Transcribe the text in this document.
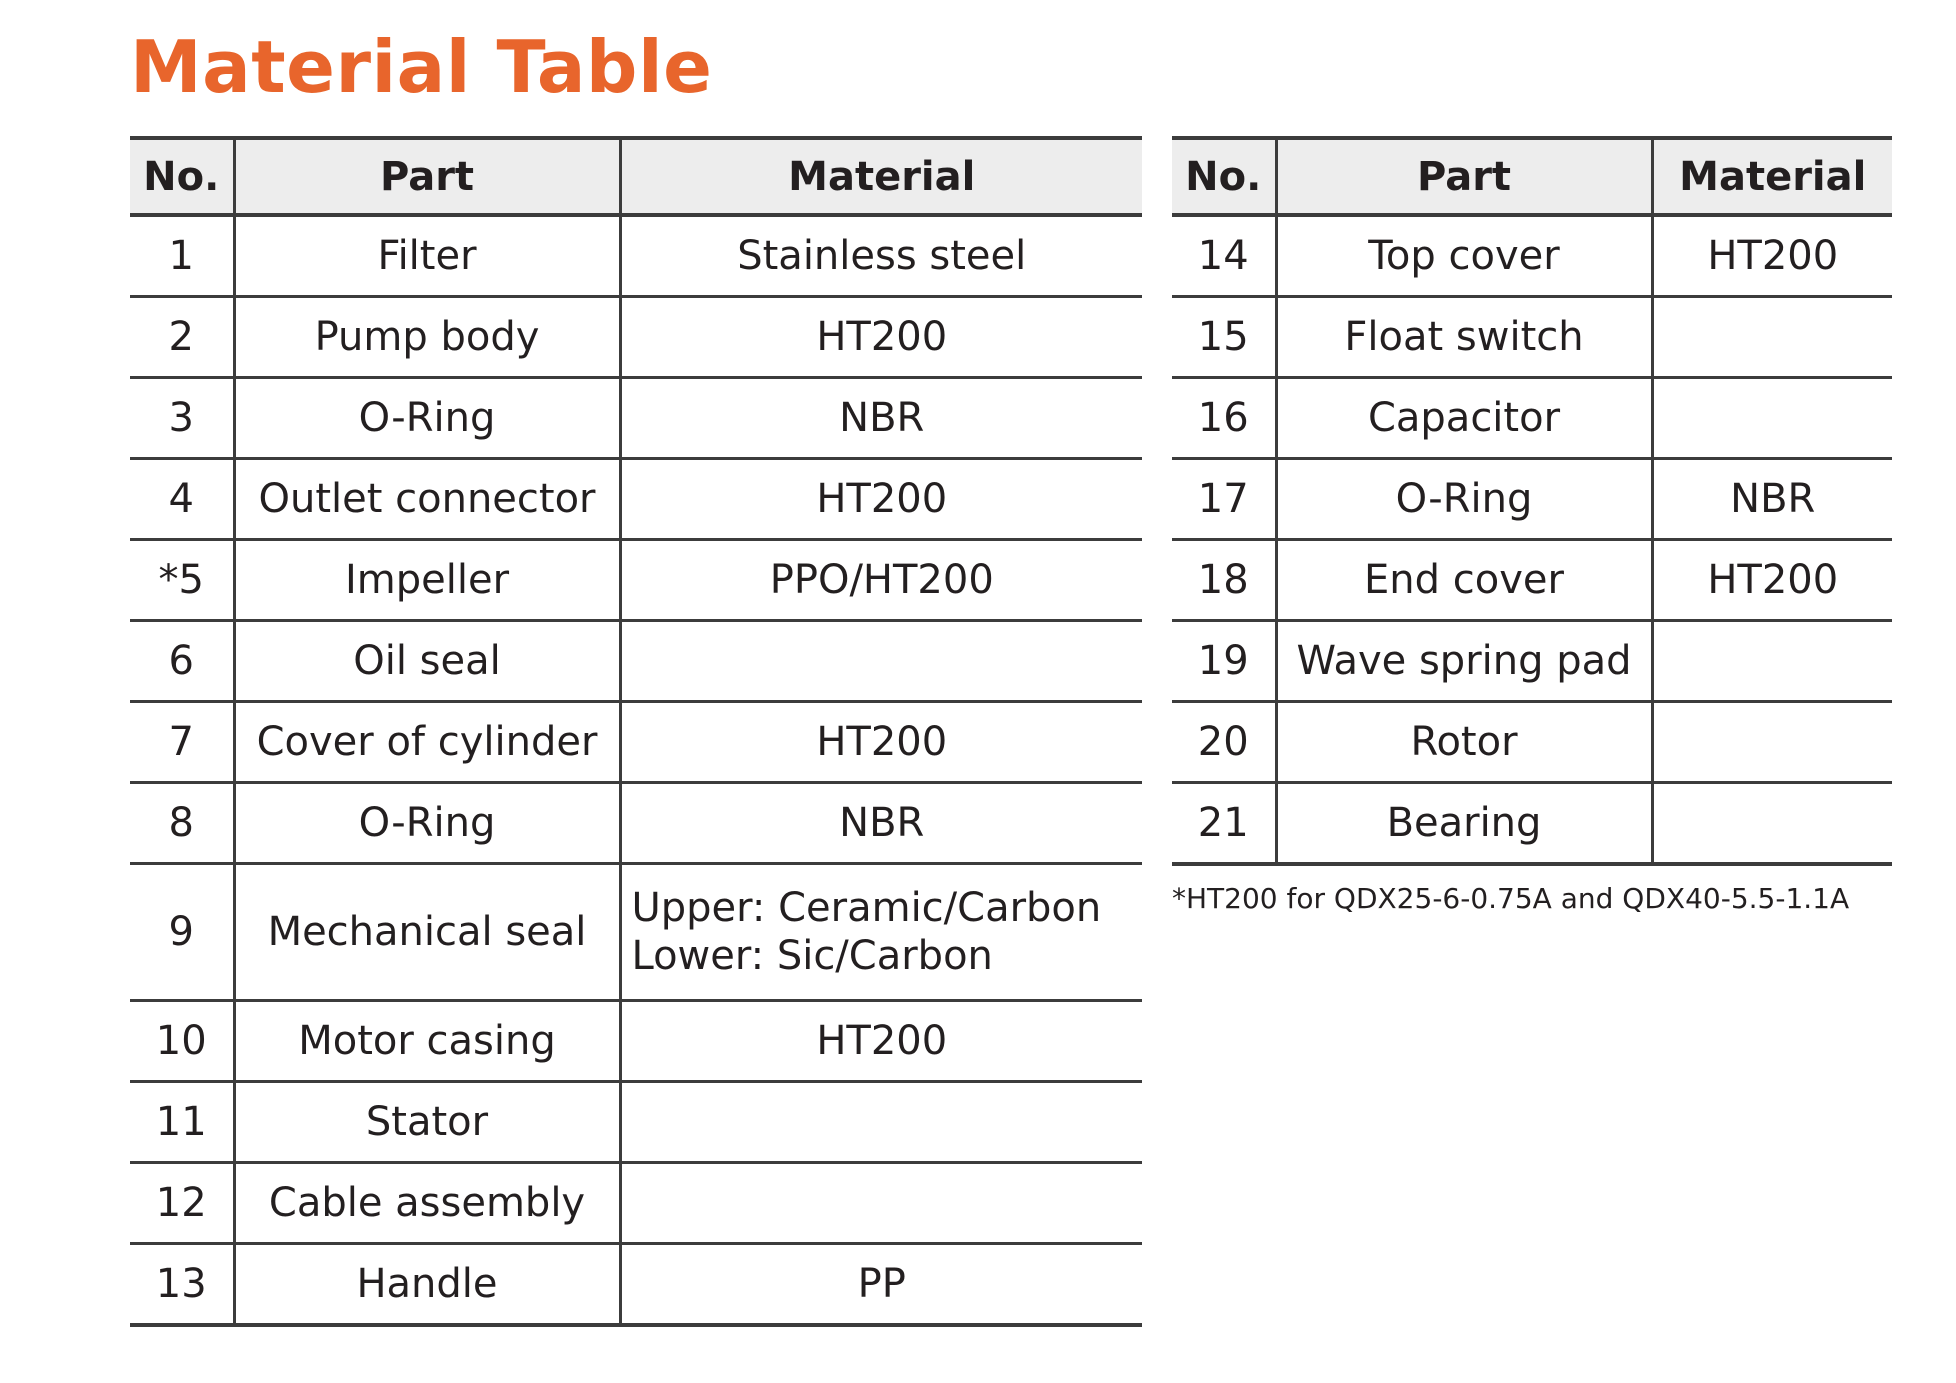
Material Table
No.	Part	Material
1	Filter	Stainless steel
2	Pump body	HT200
3	O-Ring	NBR
4	Outlet connector	HT200
*5	Impeller	PPO/HT200
6	Oil seal	
7	Cover of cylinder	HT200
8	O-Ring	NBR
9	Mechanical seal	Upper: Ceramic/Carbon
Lower: Sic/Carbon

10	Motor casing	HT200
11	Stator	
12	Cable assembly	
13	Handle	PP
No.	Part	Material
14	Top cover	HT200
15	Float switch	
16	Capacitor	
17	O-Ring	NBR
18	End cover	HT200
19	Wave spring pad	
20	Rotor	
21	Bearing	
*HT200 for QDX25-6-0.75A and QDX40-5.5-1.1A
